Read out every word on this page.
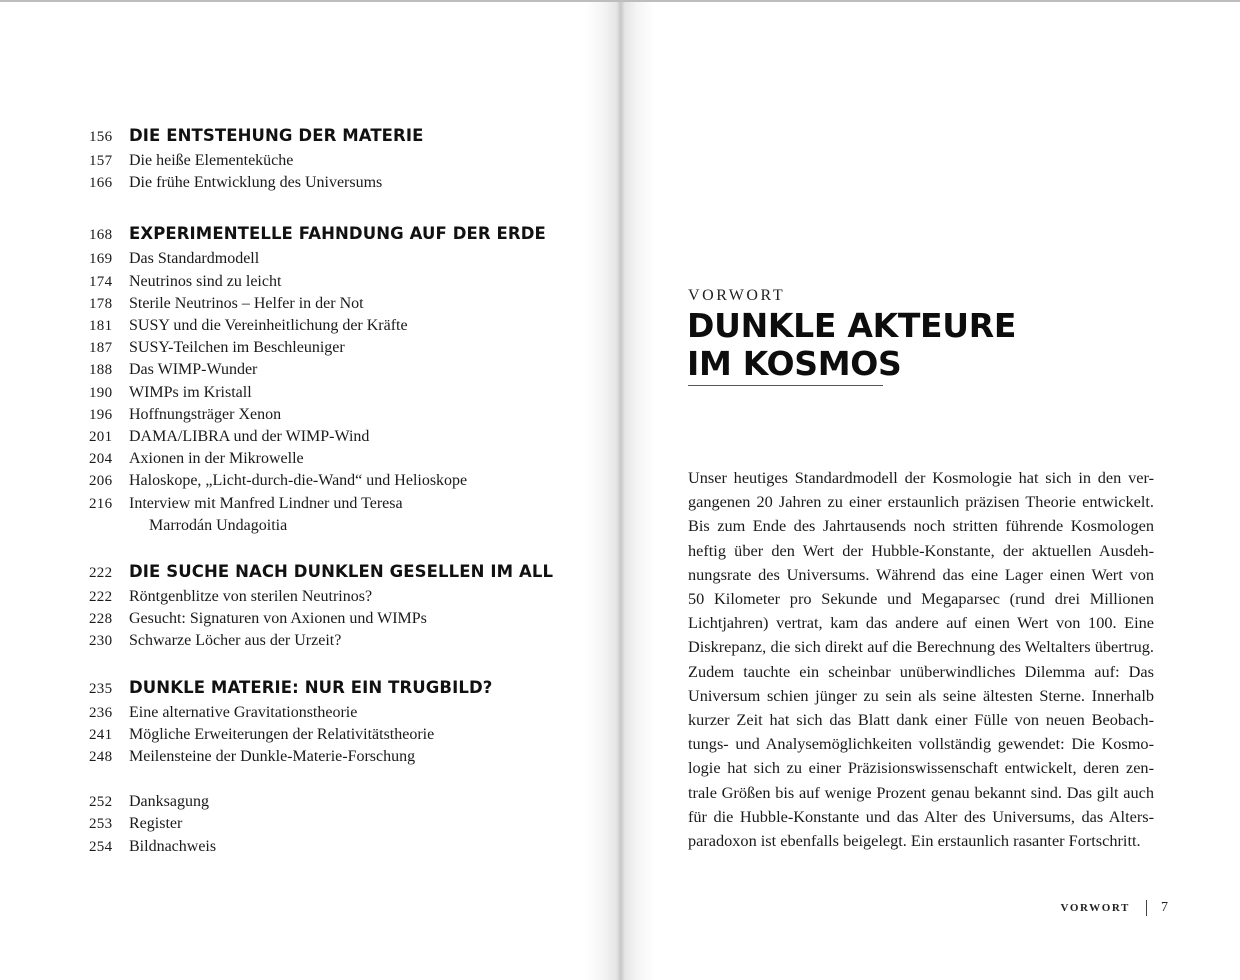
156	DIE ENTSTEHUNG DER MATERIE
157	Die heiße Elementeküche
166	Die frühe Entwicklung des Universums
168	EXPERIMENTELLE FAHNDUNG AUF DER ERDE
169	Das Standardmodell
174	Neutrinos sind zu leicht
178	Sterile Neutrinos – Helfer in der Not
181	SUSY und die Vereinheitlichung der Kräfte
187	SUSY-Teilchen im Beschleuniger
188	Das WIMP-Wunder
190	WIMPs im Kristall
196	Hoffnungsträger Xenon
201	DAMA/LIBRA und der WIMP-Wind
204	Axionen in der Mikrowelle
206	Haloskope, „Licht-durch-die-Wand“ und Helioskope
216	Interview mit Manfred Lindner und Teresa
Marrodán Undagoitia
222	DIE SUCHE NACH DUNKLEN GESELLEN IM ALL
222	Röntgenblitze von sterilen Neutrinos?
228	Gesucht: Signaturen von Axionen und WIMPs
230	Schwarze Löcher aus der Urzeit?
235	DUNKLE MATERIE: NUR EIN TRUGBILD?
236	Eine alternative Gravitationstheorie
241	Mögliche Erweiterungen der Relativitätstheorie
248	Meilensteine der Dunkle-Materie-Forschung
252	Danksagung
253	Register
254	Bildnachweis
VORWORT
DUNKLE AKTEURE
IM KOSMOS
Unser heutiges Standardmodell der Kosmologie hat sich in den ver-
gangenen 20 Jahren zu einer erstaunlich präzisen Theorie entwickelt.
Bis zum Ende des Jahrtausends noch stritten führende Kosmologen
heftig über den Wert der Hubble-Konstante, der aktuellen Ausdeh-
nungsrate des Universums. Während das eine Lager einen Wert von
50 Kilometer pro Sekunde und Megaparsec (rund drei Millionen
Lichtjahren) vertrat, kam das andere auf einen Wert von 100. Eine
Diskrepanz, die sich direkt auf die Berechnung des Weltalters übertrug.
Zudem tauchte ein scheinbar unüberwindliches Dilemma auf: Das
Universum schien jünger zu sein als seine ältesten Sterne. Innerhalb
kurzer Zeit hat sich das Blatt dank einer Fülle von neuen Beobach-
tungs- und Analysemöglichkeiten vollständig gewendet: Die Kosmo-
logie hat sich zu einer Präzisionswissenschaft entwickelt, deren zen-
trale Größen bis auf wenige Prozent genau bekannt sind. Das gilt auch
für die Hubble-Konstante und das Alter des Universums, das Alters-
paradoxon ist ebenfalls beigelegt. Ein erstaunlich rasanter Fortschritt.
VORWORT 7
